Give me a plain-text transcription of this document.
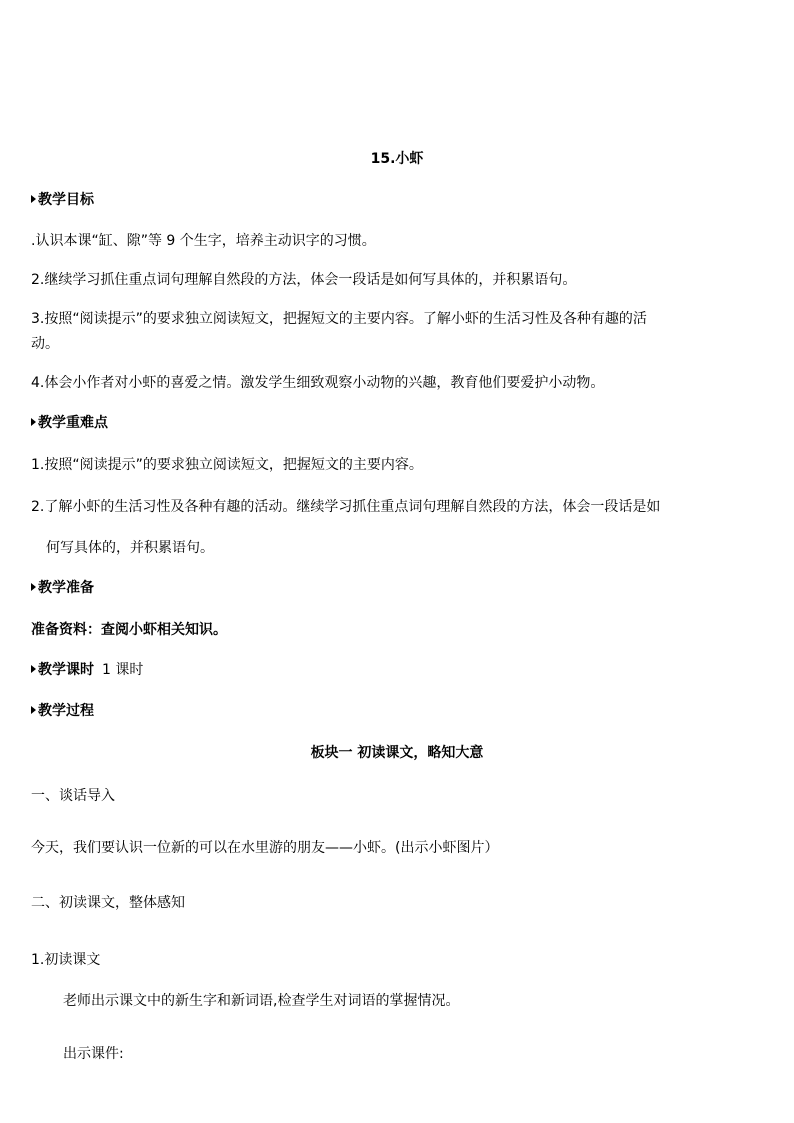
15.小虾
教学目标
.认识本课“缸、隙”等 9 个生字，培养主动识字的习惯。
2.继续学习抓住重点词句理解自然段的方法，体会一段话是如何写具体的，并积累语句。
3.按照“阅读提示”的要求独立阅读短文，把握短文的主要内容。了解小虾的生活习性及各种有趣的活
动。
4.体会小作者对小虾的喜爱之情。激发学生细致观察小动物的兴趣，教育他们要爱护小动物。
教学重难点
1.按照“阅读提示”的要求独立阅读短文，把握短文的主要内容。
2.了解小虾的生活习性及各种有趣的活动。继续学习抓住重点词句理解自然段的方法，体会一段话是如
何写具体的，并积累语句。
教学准备
准备资料：查阅小虾相关知识。
教学课时 1 课时
教学过程
板块一 初读课文，略知大意
一、谈话导入
今天，我们要认识一位新的可以在水里游的朋友——小虾。(出示小虾图片）
二、初读课文，整体感知
1.初读课文
老师出示课文中的新生字和新词语,检查学生对词语的掌握情况。
出示课件:
